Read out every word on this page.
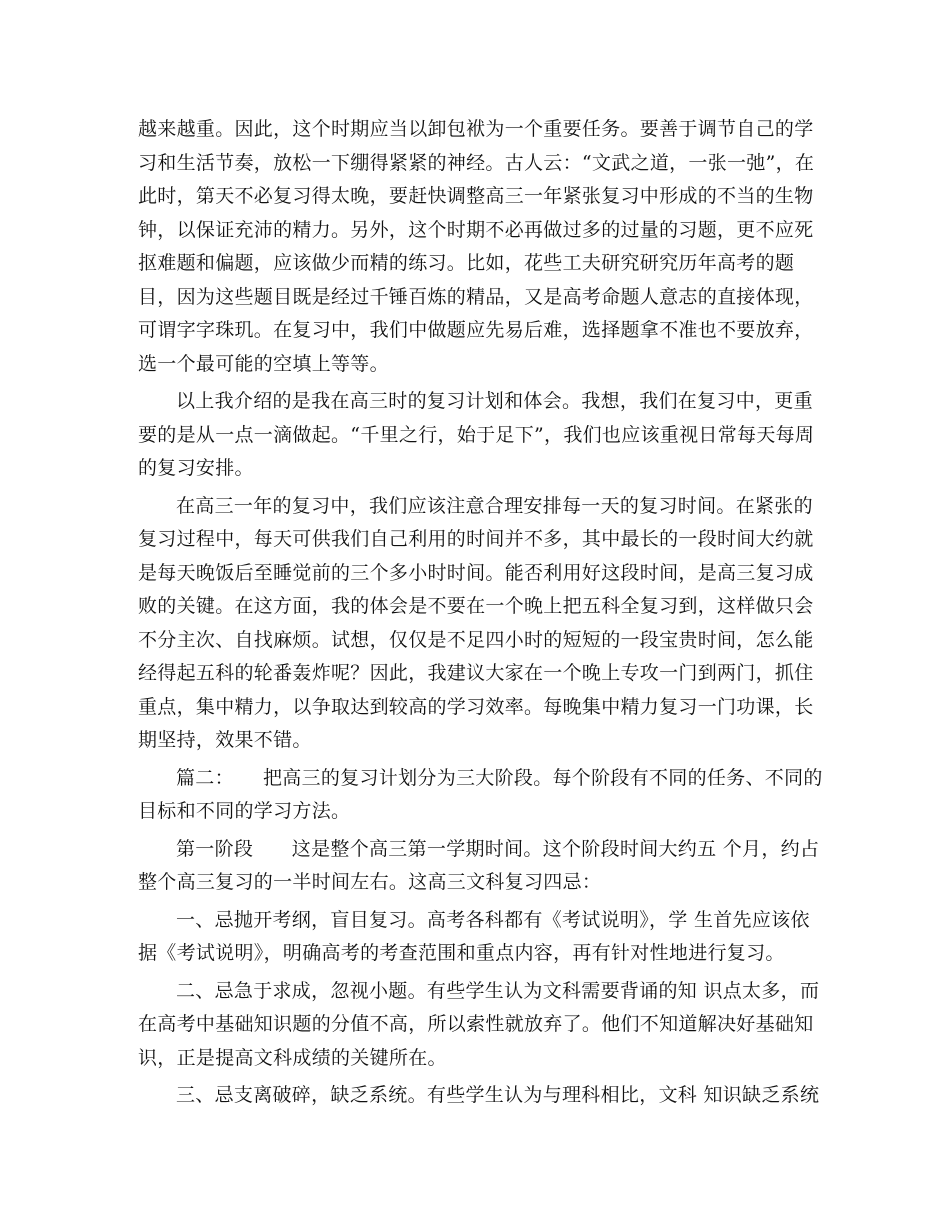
越来越重。因此，这个时期应当以卸包袱为一个重要任务。要善于调节自己的学习和生活节奏，放松一下绷得紧紧的神经。古人云：“文武之道，一张一弛”，在此时，第天不必复习得太晚，要赶快调整高三一年紧张复习中形成的不当的生物钟，以保证充沛的精力。另外，这个时期不必再做过多的过量的习题，更不应死抠难题和偏题，应该做少而精的练习。比如，花些工夫研究研究历年高考的题目，因为这些题目既是经过千锤百炼的精品，又是高考命题人意志的直接体现，可谓字字珠玑。在复习中，我们中做题应先易后难，选择题拿不准也不要放弃，选一个最可能的空填上等等。

以上我介绍的是我在高三时的复习计划和体会。我想，我们在复习中，更重要的是从一点一滴做起。“千里之行，始于足下”，我们也应该重视日常每天每周的复习安排。

在高三一年的复习中，我们应该注意合理安排每一天的复习时间。在紧张的复习过程中，每天可供我们自己利用的时间并不多，其中最长的一段时间大约就是每天晚饭后至睡觉前的三个多小时时间。能否利用好这段时间，是高三复习成败的关键。在这方面，我的体会是不要在一个晚上把五科全复习到，这样做只会不分主次、自找麻烦。试想，仅仅是不足四小时的短短的一段宝贵时间，怎么能经得起五科的轮番轰炸呢？因此，我建议大家在一个晚上专攻一门到两门，抓住重点，集中精力，以争取达到较高的学习效率。每晚集中精力复习一门功课，长期坚持，效果不错。

篇二：　　把高三的复习计划分为三大阶段。每个阶段有不同的任务、不同的目标和不同的学习方法。

第一阶段　　这是整个高三第一学期时间。这个阶段时间大约五 个月，约占整个高三复习的一半时间左右。这高三文科复习四忌：

一、忌抛开考纲，盲目复习。高考各科都有《考试说明》，学 生首先应该依据《考试说明》，明确高考的考查范围和重点内容，再有针对性地进行复习。

二、忌急于求成，忽视小题。有些学生认为文科需要背诵的知 识点太多，而在高考中基础知识题的分值不高，所以索性就放弃了。他们不知道解决好基础知识，正是提高文科成绩的关键所在。

三、忌支离破碎，缺乏系统。有些学生认为与理科相比，文科 知识缺乏系统
